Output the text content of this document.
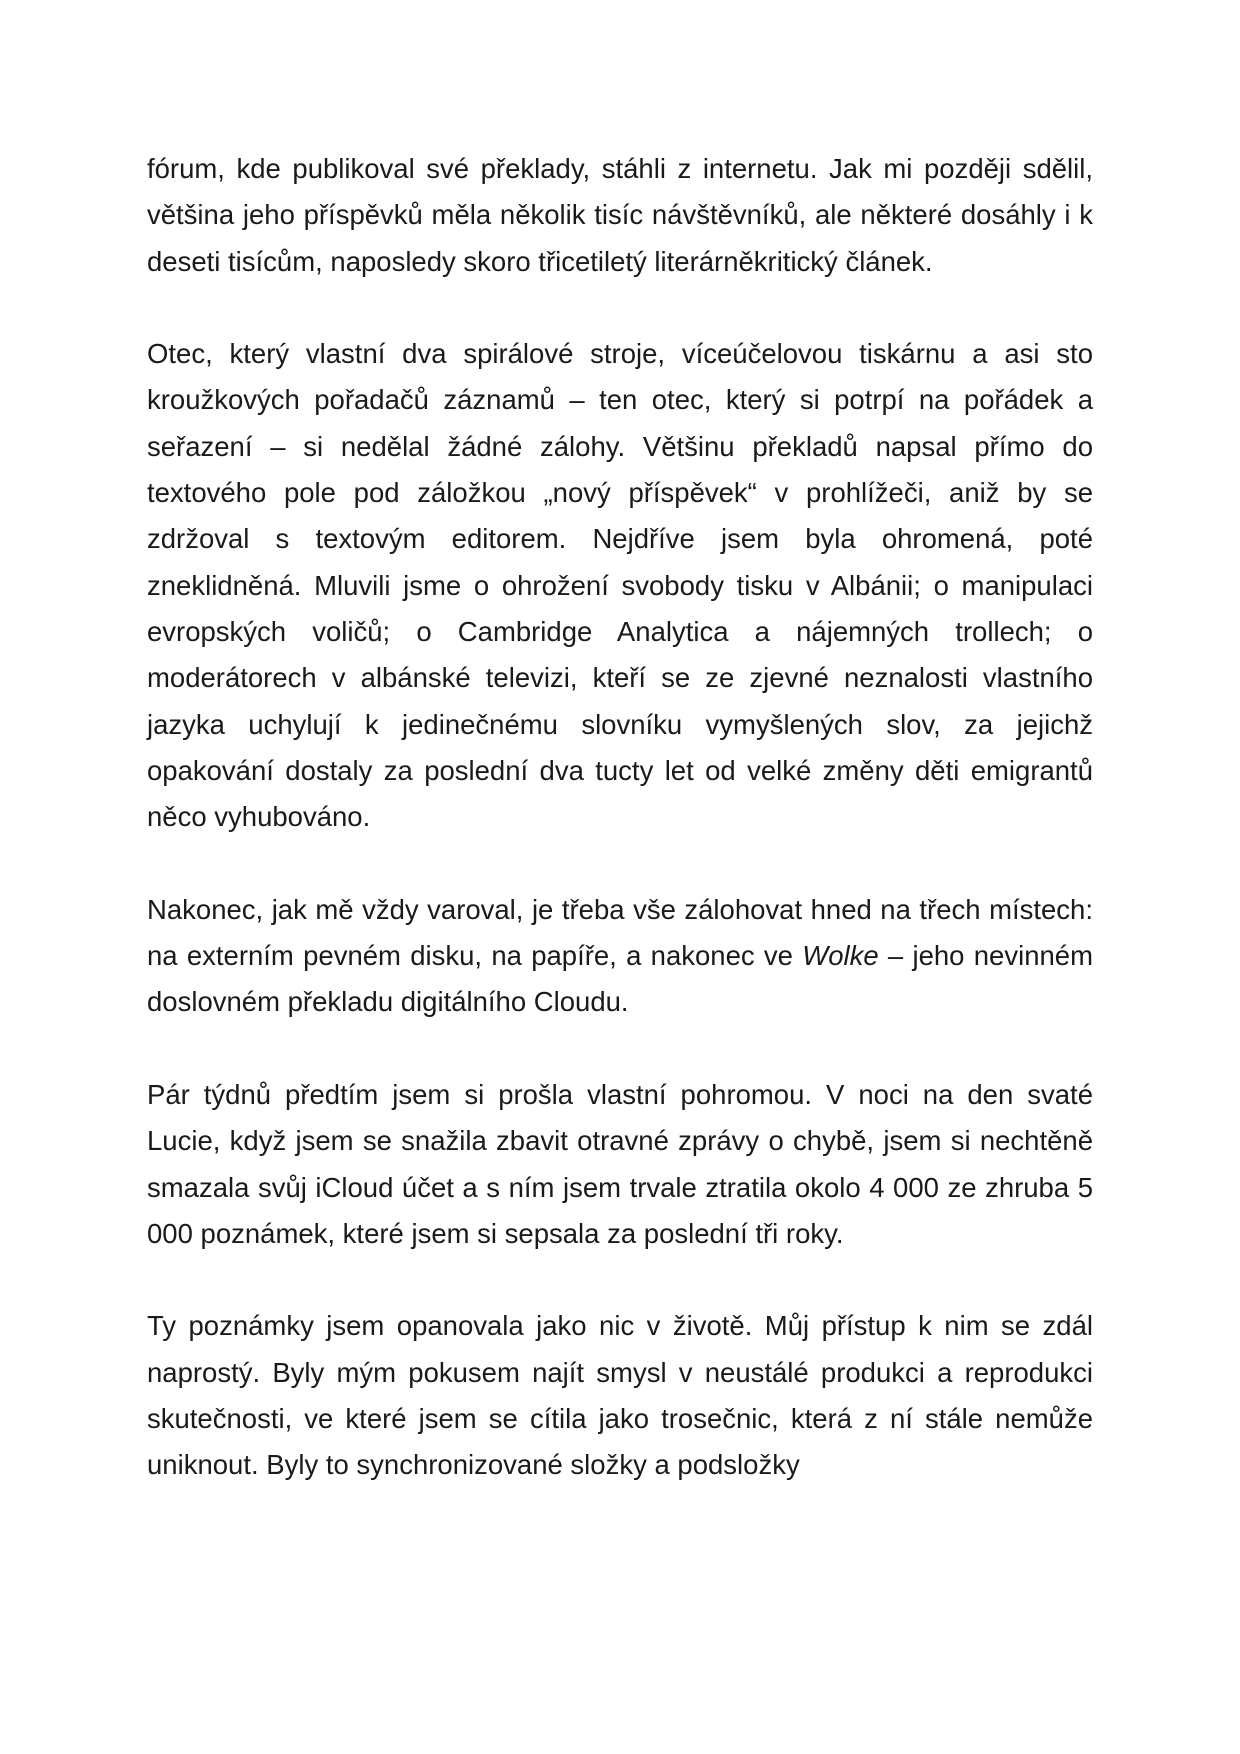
fórum, kde publikoval své překlady, stáhli z internetu. Jak mi později sdělil, většina jeho příspěvků měla několik tisíc návštěvníků, ale některé dosáhly i k deseti tisícům, naposledy skoro třicetiletý literárněkritický článek.

Otec, který vlastní dva spirálové stroje, víceúčelovou tiskárnu a asi sto kroužkových pořadačů záznamů – ten otec, který si potrpí na pořádek a seřazení – si nedělal žádné zálohy. Většinu překladů napsal přímo do textového pole pod záložkou „nový příspěvek“ v prohlížeči, aniž by se zdržoval s textovým editorem. Nejdříve jsem byla ohromená, poté zneklidněná. Mluvili jsme o ohrožení svobody tisku v Albánii; o manipulaci evropských voličů; o Cambridge Analytica a nájemných trollech; o moderátorech v albánské televizi, kteří se ze zjevné neznalosti vlastního jazyka uchylují k jedinečnému slovníku vymyšlených slov, za jejichž opakování dostaly za poslední dva tucty let od velké změny děti emigrantů něco vyhubováno.

Nakonec, jak mě vždy varoval, je třeba vše zálohovat hned na třech místech: na externím pevném disku, na papíře, a nakonec ve Wolke – jeho nevinném doslovném překladu digitálního Cloudu.

Pár týdnů předtím jsem si prošla vlastní pohromou. V noci na den svaté Lucie, když jsem se snažila zbavit otravné zprávy o chybě, jsem si nechtěně smazala svůj iCloud účet a s ním jsem trvale ztratila okolo 4 000 ze zhruba 5 000 poznámek, které jsem si sepsala za poslední tři roky.

Ty poznámky jsem opanovala jako nic v životě. Můj přístup k nim se zdál naprostý. Byly mým pokusem najít smysl v neustálé produkci a reprodukci skutečnosti, ve které jsem se cítila jako trosečnic, která z ní stále nemůže uniknout. Byly to synchronizované složky a podsložky
